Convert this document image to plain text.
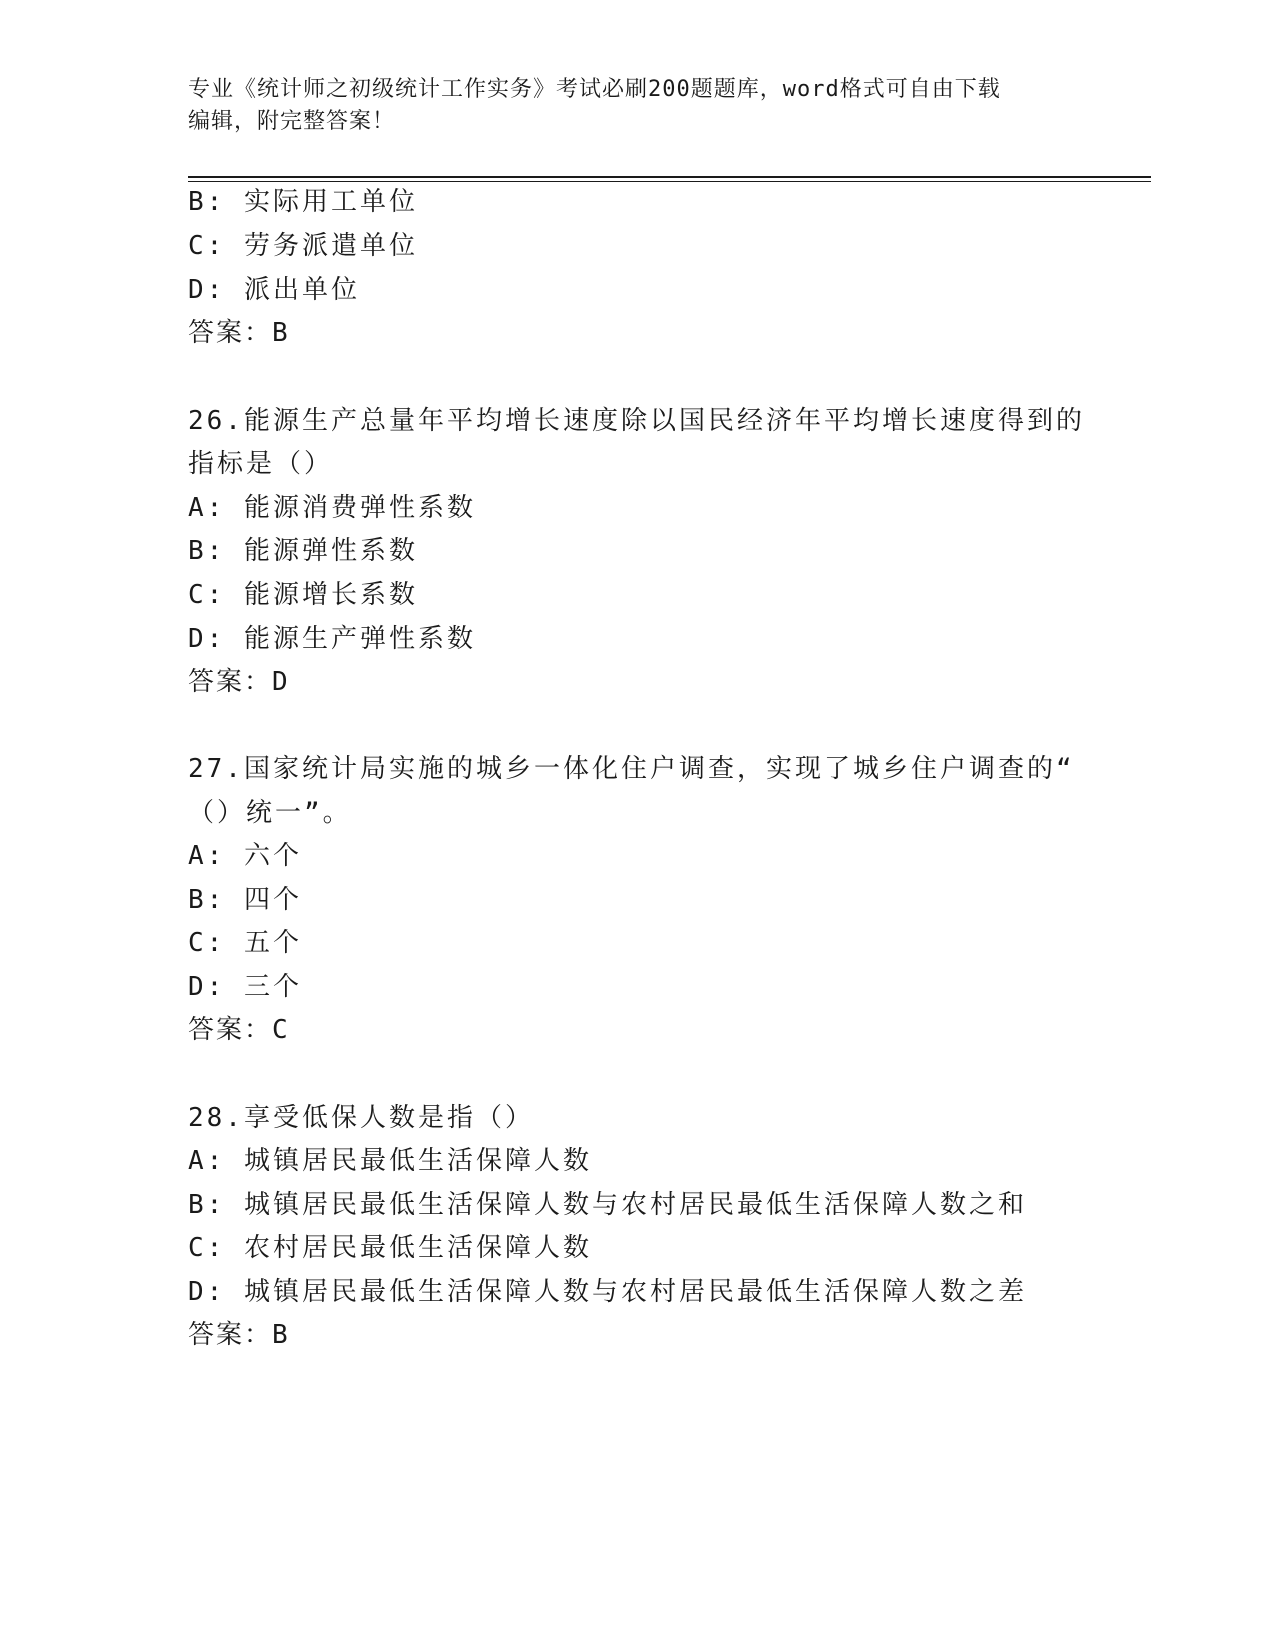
专业《统计师之初级统计工作实务》考试必刷200题题库，word格式可自由下载
编辑，附完整答案！
B: 实际用工单位
C: 劳务派遣单位
D: 派出单位
答案：B
26.能源生产总量年平均增长速度除以国民经济年平均增长速度得到的
指标是（）
A: 能源消费弹性系数
B: 能源弹性系数
C: 能源增长系数
D: 能源生产弹性系数
答案：D
27.国家统计局实施的城乡一体化住户调查，实现了城乡住户调查的“
（）统一”。
A: 六个
B: 四个
C: 五个
D: 三个
答案：C
28.享受低保人数是指（）
A: 城镇居民最低生活保障人数
B: 城镇居民最低生活保障人数与农村居民最低生活保障人数之和
C: 农村居民最低生活保障人数
D: 城镇居民最低生活保障人数与农村居民最低生活保障人数之差
答案：B
